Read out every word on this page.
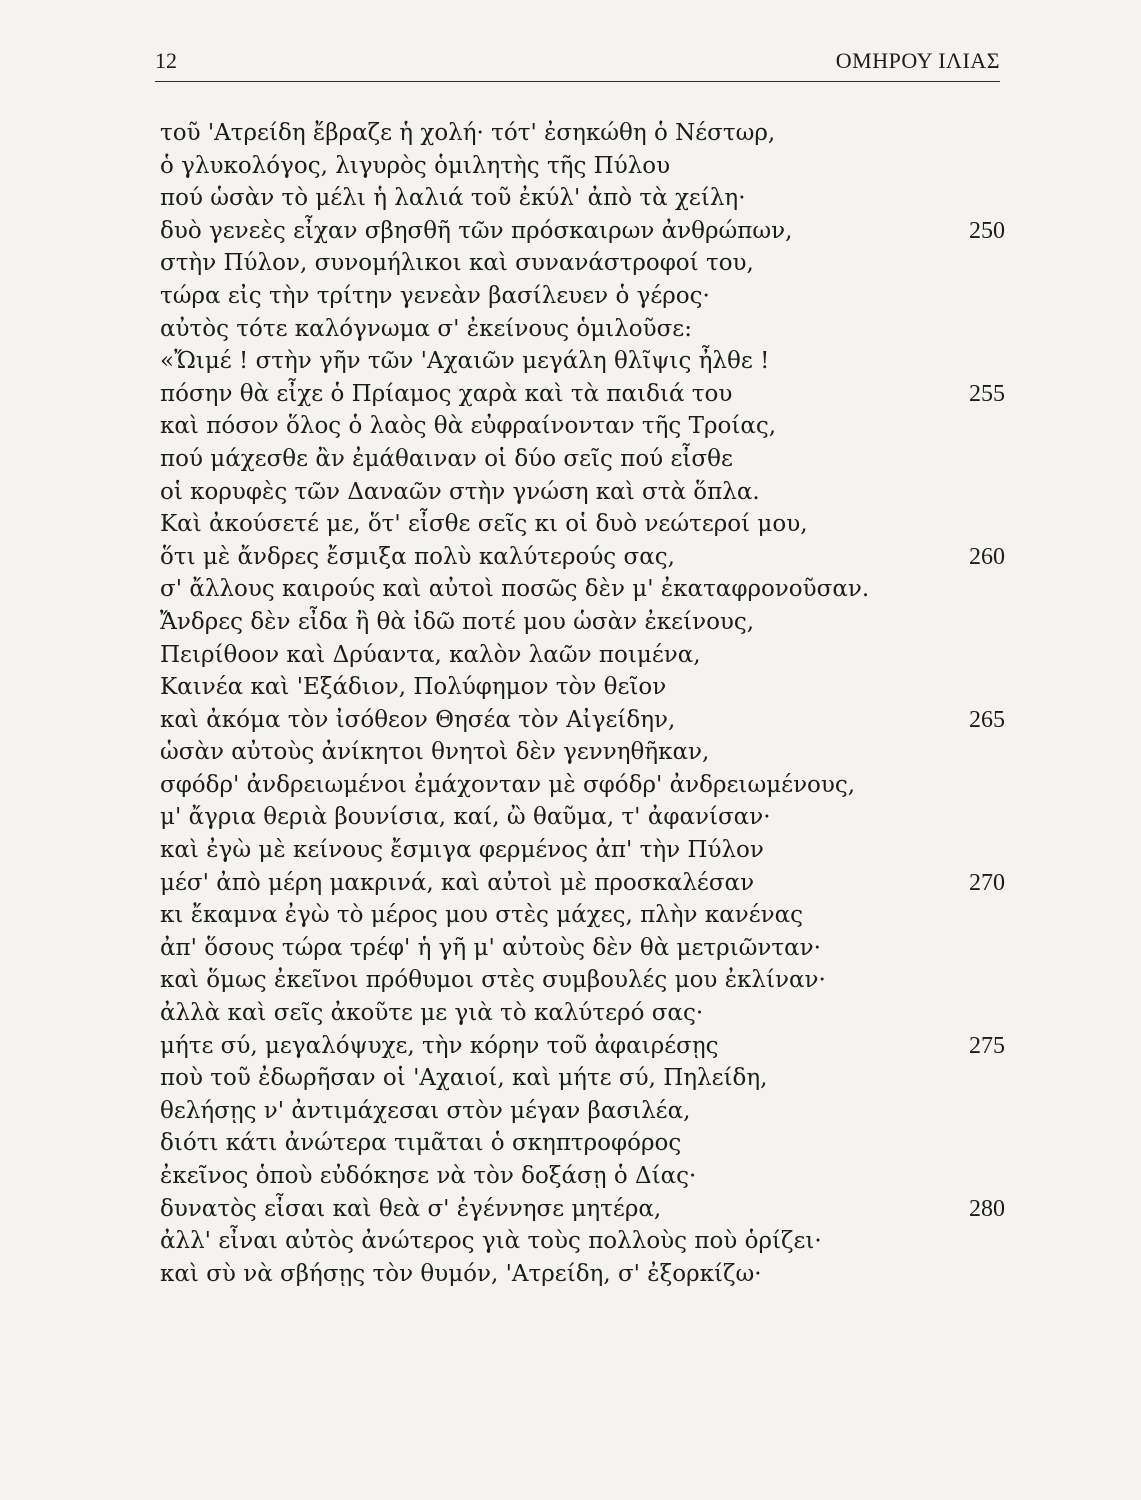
12	ΟΜΗΡΟΥ ΙΛΙΑΣ
τοῦ 'Ατρείδη ἔβραζε ἡ χολή· τότ' ἐσηκώθη ὁ Νέστωρ,
ὁ γλυκολόγος, λιγυρὸς ὁμιλητὴς τῆς Πύλου
πού ὡσὰν τὸ μέλι ἡ λαλιά τοῦ ἐκύλ' ἀπὸ τὰ χείλη·
δυὸ γενεὲς εἶχαν σβησθῆ τῶν πρόσκαιρων ἀνθρώπων,	250
στὴν Πύλον, συνομήλικοι καὶ συνανάστροφοί του,
τώρα εἰς τὴν τρίτην γενεὰν βασίλευεν ὁ γέρος·
αὐτὸς τότε καλόγνωμα σ' ἐκείνους ὁμιλοῦσε:
«Ὤιμέ ! στὴν γῆν τῶν 'Αχαιῶν μεγάλη θλῖψις ἦλθε !
πόσην θὰ εἶχε ὁ Πρίαμος χαρὰ καὶ τὰ παιδιά του	255
καὶ πόσον ὅλος ὁ λαὸς θὰ εὐφραίνονταν τῆς Τροίας,
πού μάχεσθε ἂν ἐμάθαιναν οἱ δύο σεῖς πού εἶσθε
οἱ κορυφὲς τῶν Δαναῶν στὴν γνώση καὶ στὰ ὅπλα.
Καὶ ἀκούσετέ με, ὅτ' εἶσθε σεῖς κι οἱ δυὸ νεώτεροί μου,
ὅτι μὲ ἄνδρες ἔσμιξα πολὺ καλύτερούς σας,	260
σ' ἄλλους καιρούς καὶ αὐτοὶ ποσῶς δὲν μ' ἐκαταφρονοῦσαν.
Ἄνδρες δὲν εἶδα ἢ θὰ ἰδῶ ποτέ μου ὡσὰν ἐκείνους,
Πειρίθοον καὶ Δρύαντα, καλὸν λαῶν ποιμένα,
Καινέα καὶ 'Εξάδιον, Πολύφημον τὸν θεῖον
καὶ ἀκόμα τὸν ἰσόθεον Θησέα τὸν Αἰγείδην,	265
ὡσὰν αὐτοὺς ἀνίκητοι θνητοὶ δὲν γεννηθῆκαν,
σφόδρ' ἀνδρειωμένοι ἐμάχονταν μὲ σφόδρ' ἀνδρειωμένους,
μ' ἄγρια θεριὰ βουνίσια, καί, ὢ θαῦμα, τ' ἀφανίσαν·
καὶ ἐγὼ μὲ κείνους ἔσμιγα φερμένος ἀπ' τὴν Πύλον
μέσ' ἀπὸ μέρη μακρινά, καὶ αὐτοὶ μὲ προσκαλέσαν	270
κι ἔκαμνα ἐγὼ τὸ μέρος μου στὲς μάχες, πλὴν κανένας
ἀπ' ὅσους τώρα τρέφ' ἡ γῆ μ' αὐτοὺς δὲν θὰ μετριῶνταν·
καὶ ὅμως ἐκεῖνοι πρόθυμοι στὲς συμβουλές μου ἐκλίναν·
ἀλλὰ καὶ σεῖς ἀκοῦτε με γιὰ τὸ καλύτερό σας·
μήτε σύ, μεγαλόψυχε, τὴν κόρην τοῦ ἀφαιρέσῃς	275
ποὺ τοῦ ἐδωρῆσαν οἱ 'Αχαιοί, καὶ μήτε σύ, Πηλείδη,
θελήσῃς ν' ἀντιμάχεσαι στὸν μέγαν βασιλέα,
διότι κάτι ἀνώτερα τιμᾶται ὁ σκηπτροφόρος
ἐκεῖνος ὁποὺ εὐδόκησε νὰ τὸν δοξάσῃ ὁ Δίας·
δυνατὸς εἶσαι καὶ θεὰ σ' ἐγέννησε μητέρα,	280
ἀλλ' εἶναι αὐτὸς ἀνώτερος γιὰ τοὺς πολλοὺς ποὺ ὁρίζει·
καὶ σὺ νὰ σβήσῃς τὸν θυμόν, 'Ατρείδη, σ' ἐξορκίζω·
